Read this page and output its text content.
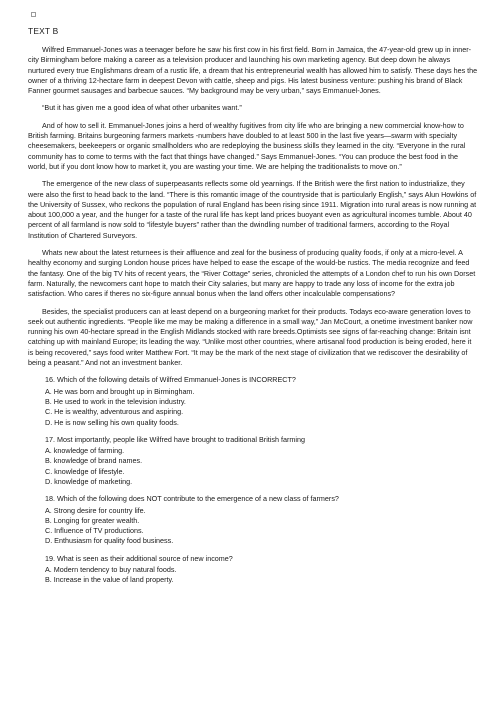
TEXT B

Wilfred Emmanuel-Jones was a teenager before he saw his first cow in his first field. Born in Jamaica, the 47-year-old grew up in inner-city Birmingham before making a career as a television producer and launching his own marketing agency. But deep down he always nurtured every true Englishmans dream of a rustic life, a dream that his entrepreneurial wealth has allowed him to satisfy. These days hes the owner of a thriving 12-hectare farm in deepest Devon with cattle, sheep and pigs. His latest business venture: pushing his brand of Black Fanner gourmet sausages and barbecue sauces. “My background may be very urban,” says Emmanuel-Jones.

“But it has given me a good idea of what other urbanites want.”

And of how to sell it. Emmanuel-Jones joins a herd of wealthy fugitives from city life who are bringing a new commercial know-how to British farming. Britains burgeoning farmers markets -numbers have doubled to at least 500 in the last five years—swarm with specialty cheesemakers, beekeepers or organic smallholders who are redeploying the business skills they learned in the city. “Everyone in the rural community has to come to terms with the fact that things have changed.” Says Emmanuel-Jones. “You can produce the best food in the world, but if you dont know how to market it, you are wasting your time. We are helping the traditionalists to move on.”

The emergence of the new class of superpeasants reflects some old yearnings. If the British were the first nation to industrialize, they were also the first to head back to the land. “There is this romantic image of the countryside that is particularly English,” says Alun Howkins of the University of Sussex, who reckons the population of rural England has been rising since 1911. Migration into rural areas is now running at about 100,000 a year, and the hunger for a taste of the rural life has kept land prices buoyant even as agricultural incomes tumble. About 40 percent of all farmland is now sold to “lifestyle buyers” rather than the dwindling number of traditional farmers, according to the Royal Institution of Chartered Surveyors.

Whats new about the latest returnees is their affluence and zeal for the business of producing quality foods, if only at a micro-level. A healthy economy and surging London house prices have helped to ease the escape of the would-be rustics. The media recognize and feed the fantasy. One of the big TV hits of recent years, the “River Cottage” series, chronicled the attempts of a London chef to run his own Dorset farm. Naturally, the newcomers cant hope to match their City salaries, but many are happy to trade any loss of income for the extra job satisfaction. Who cares if theres no six-figure annual bonus when the land offers other incalculable compensations?

Besides, the specialist producers can at least depend on a burgeoning market for their products. Todays eco-aware generation loves to seek out authentic ingredients. “People like me may be making a difference in a small way,” Jan McCourt, a onetime investment banker now running his own 40-hectare spread in the English Midlands stocked with rare breeds.Optimists see signs of far-reaching change: Britain isnt catching up with mainland Europe; its leading the way. “Unlike most other countries, where artisanal food production is being eroded, here it is being recovered,” says food writer Matthew Fort. “It may be the mark of the next stage of civilization that we rediscover the desirability of being a peasant.” And not an investment banker.

16. Which of the following details of Wilfred Emmanuel-Jones is INCORRECT?
A. He was born and brought up in Birmingham.
B. He used to work in the television industry.
C. He is wealthy, adventurous and aspiring.
D. He is now selling his own quality foods.
17. Most importantly, people like Wilfred have brought to traditional British farming
A. knowledge of farming.
B. knowledge of brand names.
C. knowledge of lifestyle.
D. knowledge of marketing.
18. Which of the following does NOT contribute to the emergence of a new class of farmers?
A. Strong desire for country life.
B. Longing for greater wealth.
C. Influence of TV productions.
D. Enthusiasm for quality food business.
19. What is seen as their additional source of new income?
A. Modern tendency to buy natural foods.
B. Increase in the value of land property.
